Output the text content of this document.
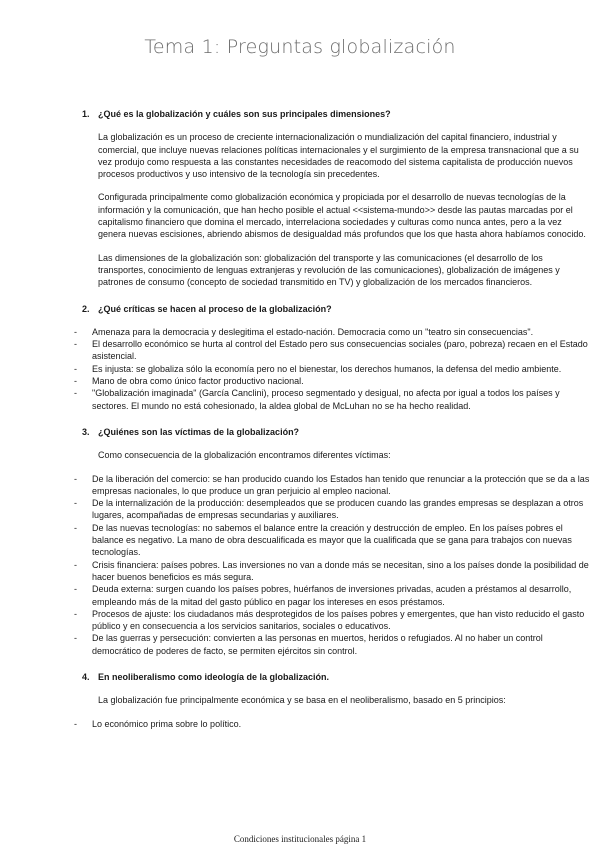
Tema 1: Preguntas globalización

1. ¿Qué es la globalización y cuáles son sus principales dimensiones?

La globalización es un proceso de creciente internacionalización o mundialización del capital financiero, industrial y comercial, que incluye nuevas relaciones políticas internacionales y el surgimiento de la empresa transnacional que a su vez produjo como respuesta a las constantes necesidades de reacomodo del sistema capitalista de producción nuevos procesos productivos y uso intensivo de la tecnología sin precedentes.

Configurada principalmente como globalización económica y propiciada por el desarrollo de nuevas tecnologías de la información y la comunicación, que han hecho posible el actual <<sistema-mundo>> desde las pautas marcadas por el capitalismo financiero que domina el mercado, interrelaciona sociedades y culturas como nunca antes, pero a la vez genera nuevas escisiones, abriendo abismos de desigualdad más profundos que los que hasta ahora habíamos conocido.

Las dimensiones de la globalización son: globalización del transporte y las comunicaciones (el desarrollo de los transportes, conocimiento de lenguas extranjeras y revolución de las comunicaciones), globalización de imágenes y patrones de consumo (concepto de sociedad transmitido en TV) y globalización de los mercados financieros.

2. ¿Qué críticas se hacen al proceso de la globalización?

- Amenaza para la democracia y deslegitima el estado-nación. Democracia como un "teatro sin consecuencias".
- El desarrollo económico se hurta al control del Estado pero sus consecuencias sociales (paro, pobreza) recaen en el Estado asistencial.
- Es injusta: se globaliza sólo la economía pero no el bienestar, los derechos humanos, la defensa del medio ambiente.
- Mano de obra como único factor productivo nacional.
- "Globalización imaginada" (García Canclini), proceso segmentado y desigual, no afecta por igual a todos los países y sectores. El mundo no está cohesionado, la aldea global de McLuhan no se ha hecho realidad.

3. ¿Quiénes son las víctimas de la globalización?

Como consecuencia de la globalización encontramos diferentes víctimas:

- De la liberación del comercio: se han producido cuando los Estados han tenido que renunciar a la protección que se da a las empresas nacionales, lo que produce un gran perjuicio al empleo nacional.
- De la internalización de la producción: desempleados que se producen cuando las grandes empresas se desplazan a otros lugares, acompañadas de empresas secundarias y auxiliares.
- De las nuevas tecnologías: no sabemos el balance entre la creación y destrucción de empleo. En los países pobres el balance es negativo. La mano de obra descualificada es mayor que la cualificada que se gana para trabajos con nuevas tecnologías.
- Crisis financiera: países pobres. Las inversiones no van a donde más se necesitan, sino a los países donde la posibilidad de hacer buenos beneficios es más segura.
- Deuda externa: surgen cuando los países pobres, huérfanos de inversiones privadas, acuden a préstamos al desarrollo, empleando más de la mitad del gasto público en pagar los intereses en esos préstamos.
- Procesos de ajuste: los ciudadanos más desprotegidos de los países pobres y emergentes, que han visto reducido el gasto público y en consecuencia a los servicios sanitarios, sociales o educativos.
- De las guerras y persecución: convierten a las personas en muertos, heridos o refugiados. Al no haber un control democrático de poderes de facto, se permiten ejércitos sin control.

4. En neoliberalismo como ideología de la globalización.

La globalización fue principalmente económica y se basa en el neoliberalismo, basado en 5 principios:

- Lo económico prima sobre lo político.
Condiciones institucionales página 1
